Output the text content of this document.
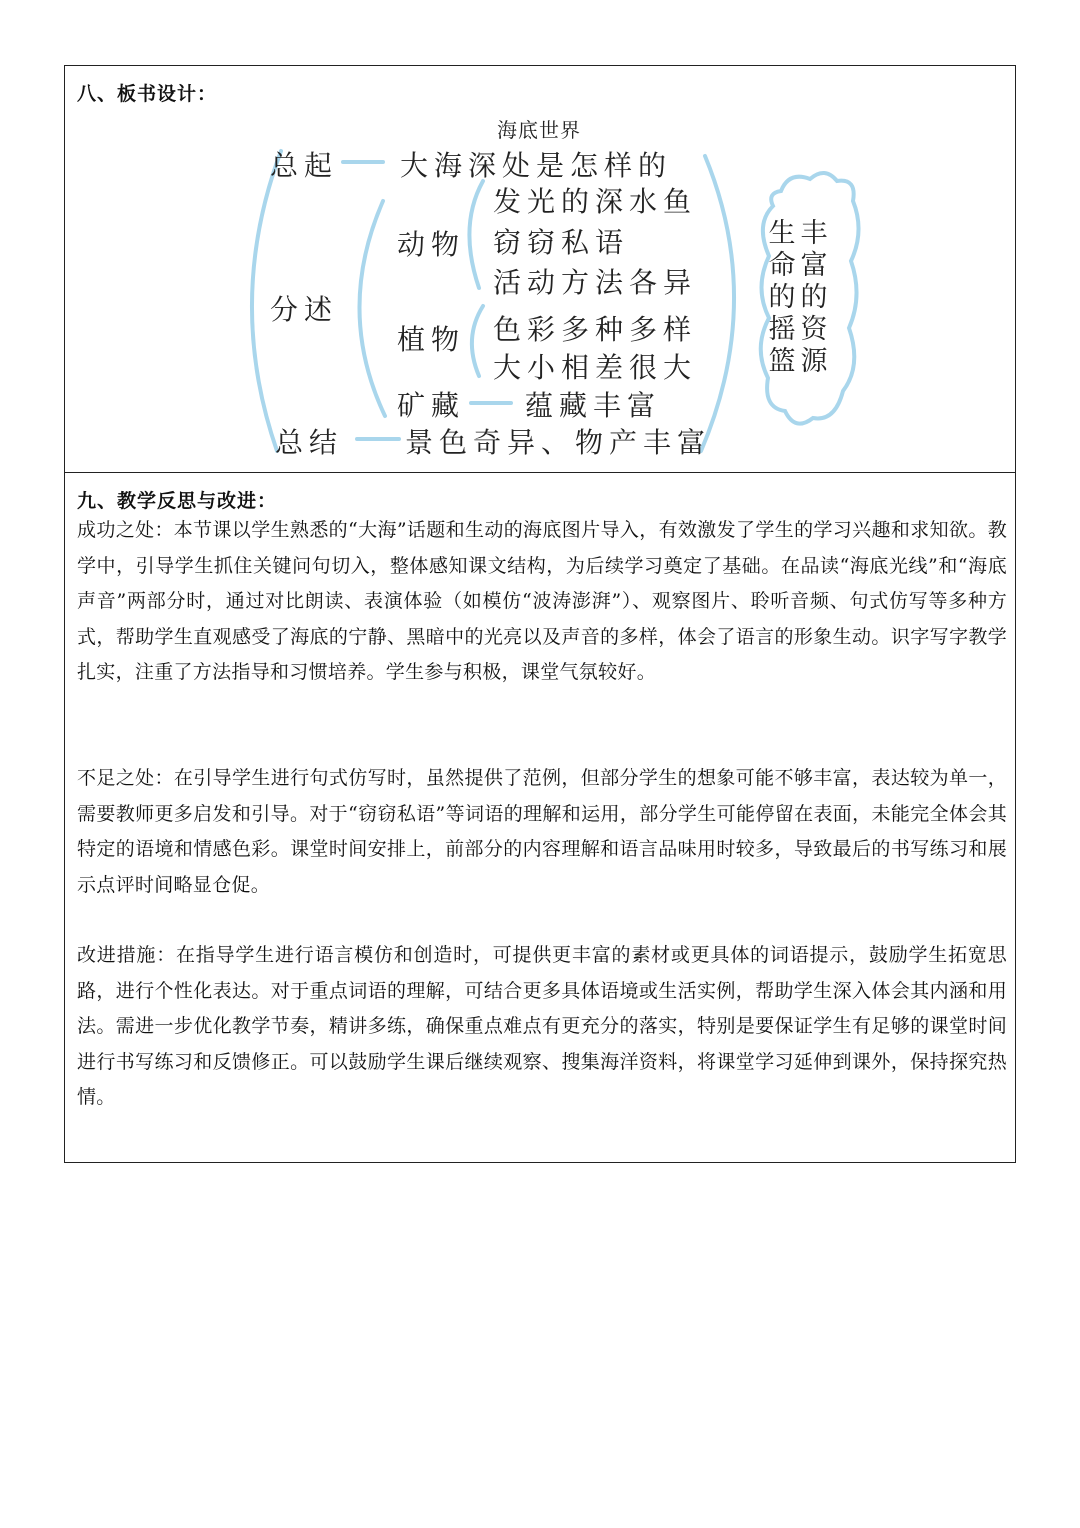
八、板书设计：
海底世界
总起 大海深处是怎样的
分述
动物
发光的深水鱼
窃窃私语
活动方法各异
植物 色彩多种多样
大小相差很大
矿藏 蕴藏丰富
总结 景色奇异、物产丰富
丰富的资源
生命的摇篮
九、教学反思与改进：

成功之处：本节课以学生熟悉的“大海”话题和生动的海底图片导入，有效激发了学生的学习兴趣和求知欲。教学中，引导学生抓住关键问句切入，整体感知课文结构，为后续学习奠定了基础。在品读“海底光线”和“海底声音”两部分时，通过对比朗读、表演体验（如模仿“波涛澎湃”）、观察图片、聆听音频、句式仿写等多种方式，帮助学生直观感受了海底的宁静、黑暗中的光亮以及声音的多样，体会了语言的形象生动。识字写字教学扎实，注重了方法指导和习惯培养。学生参与积极，课堂气氛较好。

不足之处：在引导学生进行句式仿写时，虽然提供了范例，但部分学生的想象可能不够丰富，表达较为单一，需要教师更多启发和引导。对于“窃窃私语”等词语的理解和运用，部分学生可能停留在表面，未能完全体会其特定的语境和情感色彩。课堂时间安排上，前部分的内容理解和语言品味用时较多，导致最后的书写练习和展示点评时间略显仓促。

改进措施：在指导学生进行语言模仿和创造时，可提供更丰富的素材或更具体的词语提示，鼓励学生拓宽思路，进行个性化表达。对于重点词语的理解，可结合更多具体语境或生活实例，帮助学生深入体会其内涵和用法。需进一步优化教学节奏，精讲多练，确保重点难点有更充分的落实，特别是要保证学生有足够的课堂时间进行书写练习和反馈修正。可以鼓励学生课后继续观察、搜集海洋资料，将课堂学习延伸到课外，保持探究热情。
